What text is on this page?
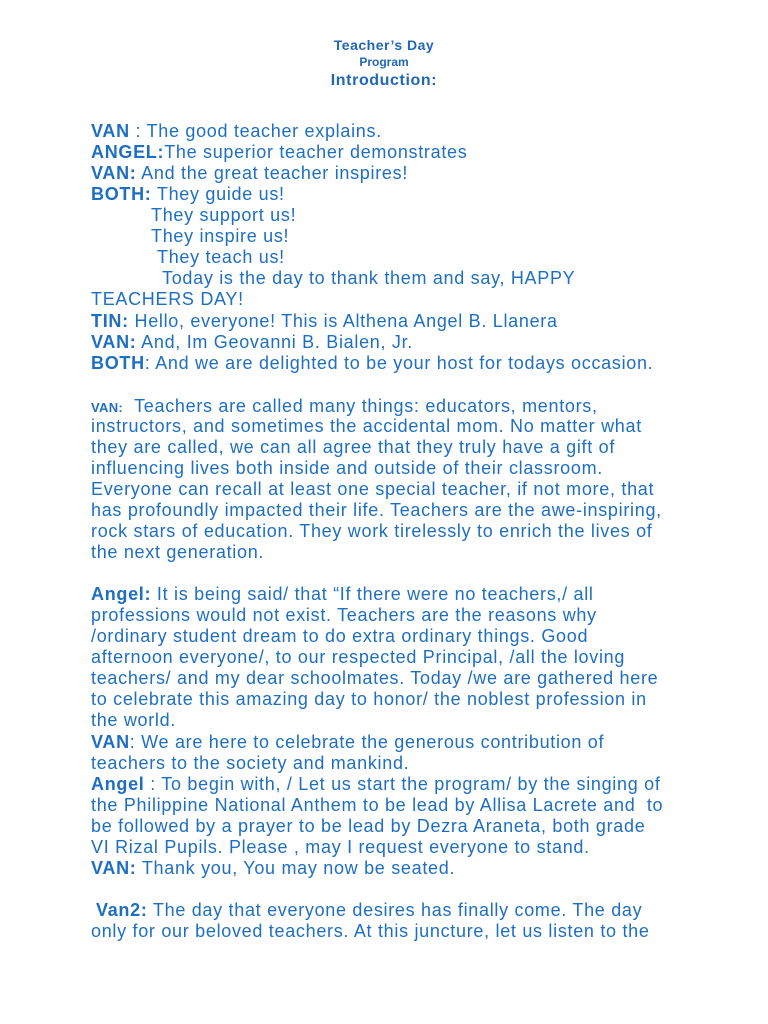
Teacher’s Day
Program
Introduction:
VAN : The good teacher explains.
ANGEL:The superior teacher demonstrates
VAN: And the great teacher inspires!
BOTH: They guide us!
They support us!
They inspire us!
They teach us!
Today is the day to thank them and say, HAPPY
TEACHERS DAY!
TIN: Hello, everyone! This is Althena Angel B. Llanera
VAN: And, Im Geovanni B. Bialen, Jr.
BOTH: And we are delighted to be your host for todays occasion.
VAN:  Teachers are called many things: educators, mentors,
instructors, and sometimes the accidental mom. No matter what
they are called, we can all agree that they truly have a gift of
influencing lives both inside and outside of their classroom.
Everyone can recall at least one special teacher, if not more, that
has profoundly impacted their life. Teachers are the awe-inspiring,
rock stars of education. They work tirelessly to enrich the lives of
the next generation.
Angel: It is being said/ that “If there were no teachers,/ all
professions would not exist. Teachers are the reasons why
/ordinary student dream to do extra ordinary things. Good
afternoon everyone/, to our respected Principal, /all the loving
teachers/ and my dear schoolmates. Today /we are gathered here
to celebrate this amazing day to honor/ the noblest profession in
the world.
VAN: We are here to celebrate the generous contribution of
teachers to the society and mankind.
Angel : To begin with, / Let us start the program/ by the singing of
the Philippine National Anthem to be lead by Allisa Lacrete and  to
be followed by a prayer to be lead by Dezra Araneta, both grade
VI Rizal Pupils. Please , may I request everyone to stand.
VAN: Thank you, You may now be seated.
Van2: The day that everyone desires has finally come. The day
only for our beloved teachers. At this juncture, let us listen to the
